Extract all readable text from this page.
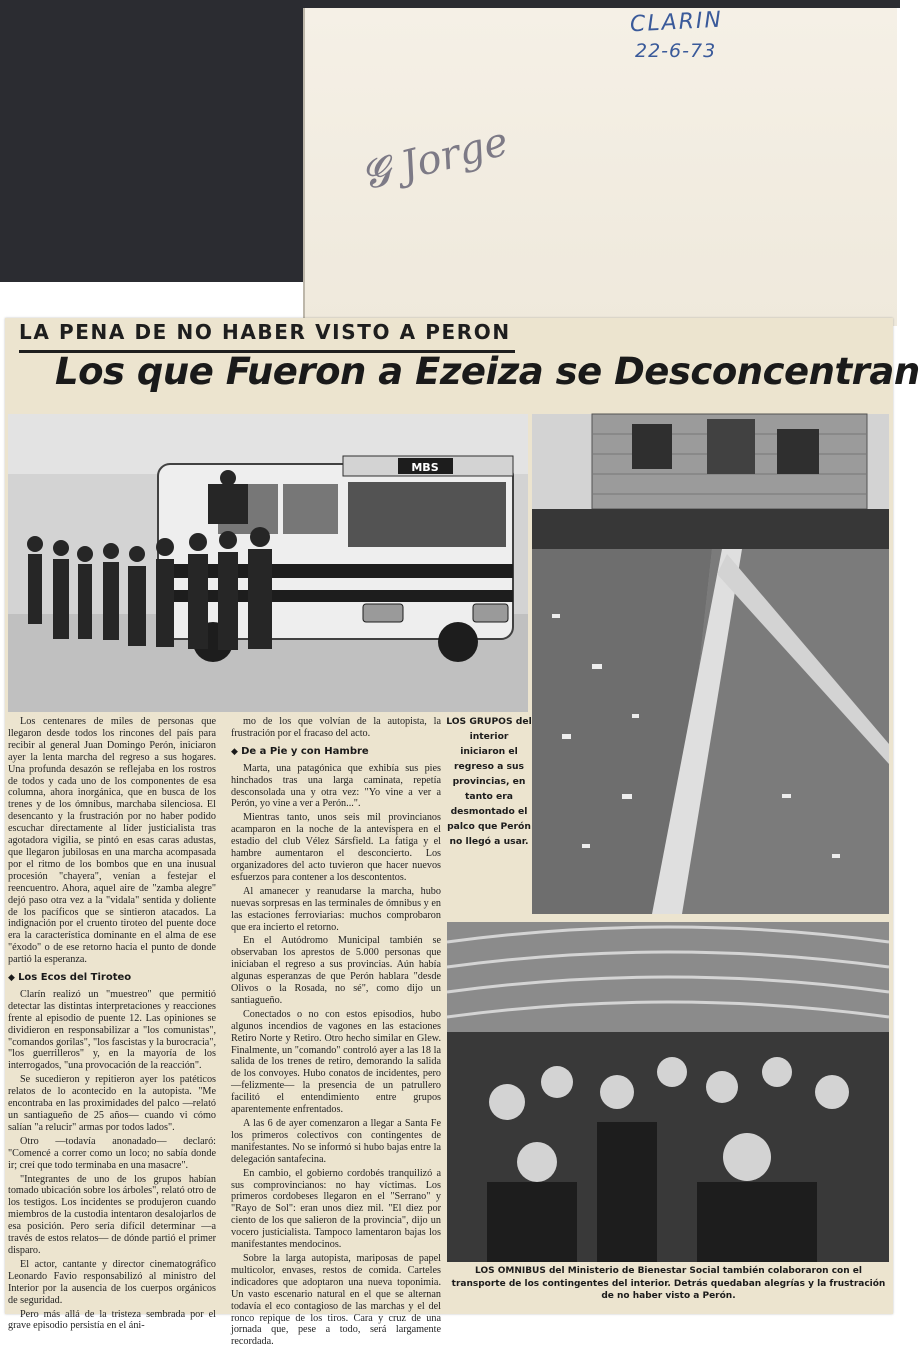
CLARIN
22-6-73
𝓖 Jorge
LA PENA DE NO HABER VISTO A PERON
Los que Fueron a Ezeiza se Desconcentran
MBS
LOS GRUPOS del interior iniciaron el regreso a sus provincias, en tanto era desmontado el palco que Perón no llegó a usar.
LOS OMNIBUS del Ministerio de Bienestar Social también colaboraron con el transporte de los contingentes del interior. Detrás quedaban alegrías y la frustración de no haber visto a Perón.

Los centenares de miles de personas que llegaron desde todos los rincones del país para recibir al general Juan Domingo Perón, iniciaron ayer la lenta marcha del regreso a sus hogares. Una profunda desazón se reflejaba en los rostros de todos y cada uno de los componentes de esa columna, ahora inorgánica, que en busca de los trenes y de los ómnibus, marchaba silenciosa. El desencanto y la frustración por no haber podido escuchar directamente al líder justicialista tras agotadora vigilia, se pintó en esas caras adustas, que llegaron jubilosas en una marcha acompasada por el ritmo de los bombos que en una inusual procesión "chayera", venían a festejar el reencuentro. Ahora, aquel aire de "zamba alegre" dejó paso otra vez a la "vidala" sentida y doliente de los pacíficos que se sintieron atacados. La indignación por el cruento tiroteo del puente doce era la característica dominante en el alma de ese "éxodo" o de ese retorno hacia el punto de donde partió la esperanza.

◆ Los Ecos del Tiroteo

Clarín realizó un "muestreo" que permitió detectar las distintas interpretaciones y reacciones frente al episodio de puente 12. Las opiniones se dividieron en responsabilizar a "los comunistas", "comandos gorilas", "los fascistas y la burocracia", "los guerrilleros" y, en la mayoría de los interrogados, "una provocación de la reacción".

Se sucedieron y repitieron ayer los patéticos relatos de lo acontecido en la autopista. "Me encontraba en las proximidades del palco —relató un santiagueño de 25 años— cuando vi cómo salían "a relucir" armas por todos lados".

Otro —todavía anonadado— declaró: "Comencé a correr como un loco; no sabía donde ir; creí que todo terminaba en una masacre".

"Integrantes de uno de los grupos habían tomado ubicación sobre los árboles", relató otro de los testigos. Los incidentes se produjeron cuando miembros de la custodia intentaron desalojarlos de esa posición. Pero sería difícil determinar —a través de estos relatos— de dónde partió el primer disparo.

El actor, cantante y director cinematográfico Leonardo Favio responsabilizó al ministro del Interior por la ausencia de los cuerpos orgánicos de seguridad.

Pero más allá de la tristeza sembrada por el grave episodio persistía en el áni-

mo de los que volvían de la autopista, la frustración por el fracaso del acto.

◆ De a Pie y con Hambre

Marta, una patagónica que exhibía sus pies hinchados tras una larga caminata, repetía desconsolada una y otra vez: "Yo vine a ver a Perón, yo vine a ver a Perón...".

Mientras tanto, unos seis mil provincianos acamparon en la noche de la antevíspera en el estadio del club Vélez Sársfield. La fatiga y el hambre aumentaron el desconcierto. Los organizadores del acto tuvieron que hacer nuevos esfuerzos para contener a los descontentos.

Al amanecer y reanudarse la marcha, hubo nuevas sorpresas en las terminales de ómnibus y en las estaciones ferroviarias: muchos comprobaron que era incierto el retorno.

En el Autódromo Municipal también se observaban los aprestos de 5.000 personas que iniciaban el regreso a sus provincias. Aún había algunas esperanzas de que Perón hablara "desde Olivos o la Rosada, no sé", como dijo un santiagueño.

Conectados o no con estos episodios, hubo algunos incendios de vagones en las estaciones Retiro Norte y Retiro. Otro hecho similar en Glew. Finalmente, un "comando" controló ayer a las 18 la salida de los trenes de retiro, demorando la salida de los convoyes. Hubo conatos de incidentes, pero —felizmente— la presencia de un patrullero facilitó el entendimiento entre grupos aparentemente enfrentados.

A las 6 de ayer comenzaron a llegar a Santa Fe los primeros colectivos con contingentes de manifestantes. No se informó si hubo bajas entre la delegación santafecina.

En cambio, el gobierno cordobés tranquilizó a sus comprovincianos: no hay víctimas. Los primeros cordobeses llegaron en el "Serrano" y "Rayo de Sol": eran unos diez mil. "El diez por ciento de los que salieron de la provincia", dijo un vocero justicialista. Tampoco lamentaron bajas los manifestantes mendocinos.

Sobre la larga autopista, mariposas de papel multicolor, envases, restos de comida. Carteles indicadores que adoptaron una nueva toponimia. Un vasto escenario natural en el que se alternan todavía el eco contagioso de las marchas y el del ronco repique de los tiros. Cara y cruz de una jornada que, pese a todo, será largamente recordada.
